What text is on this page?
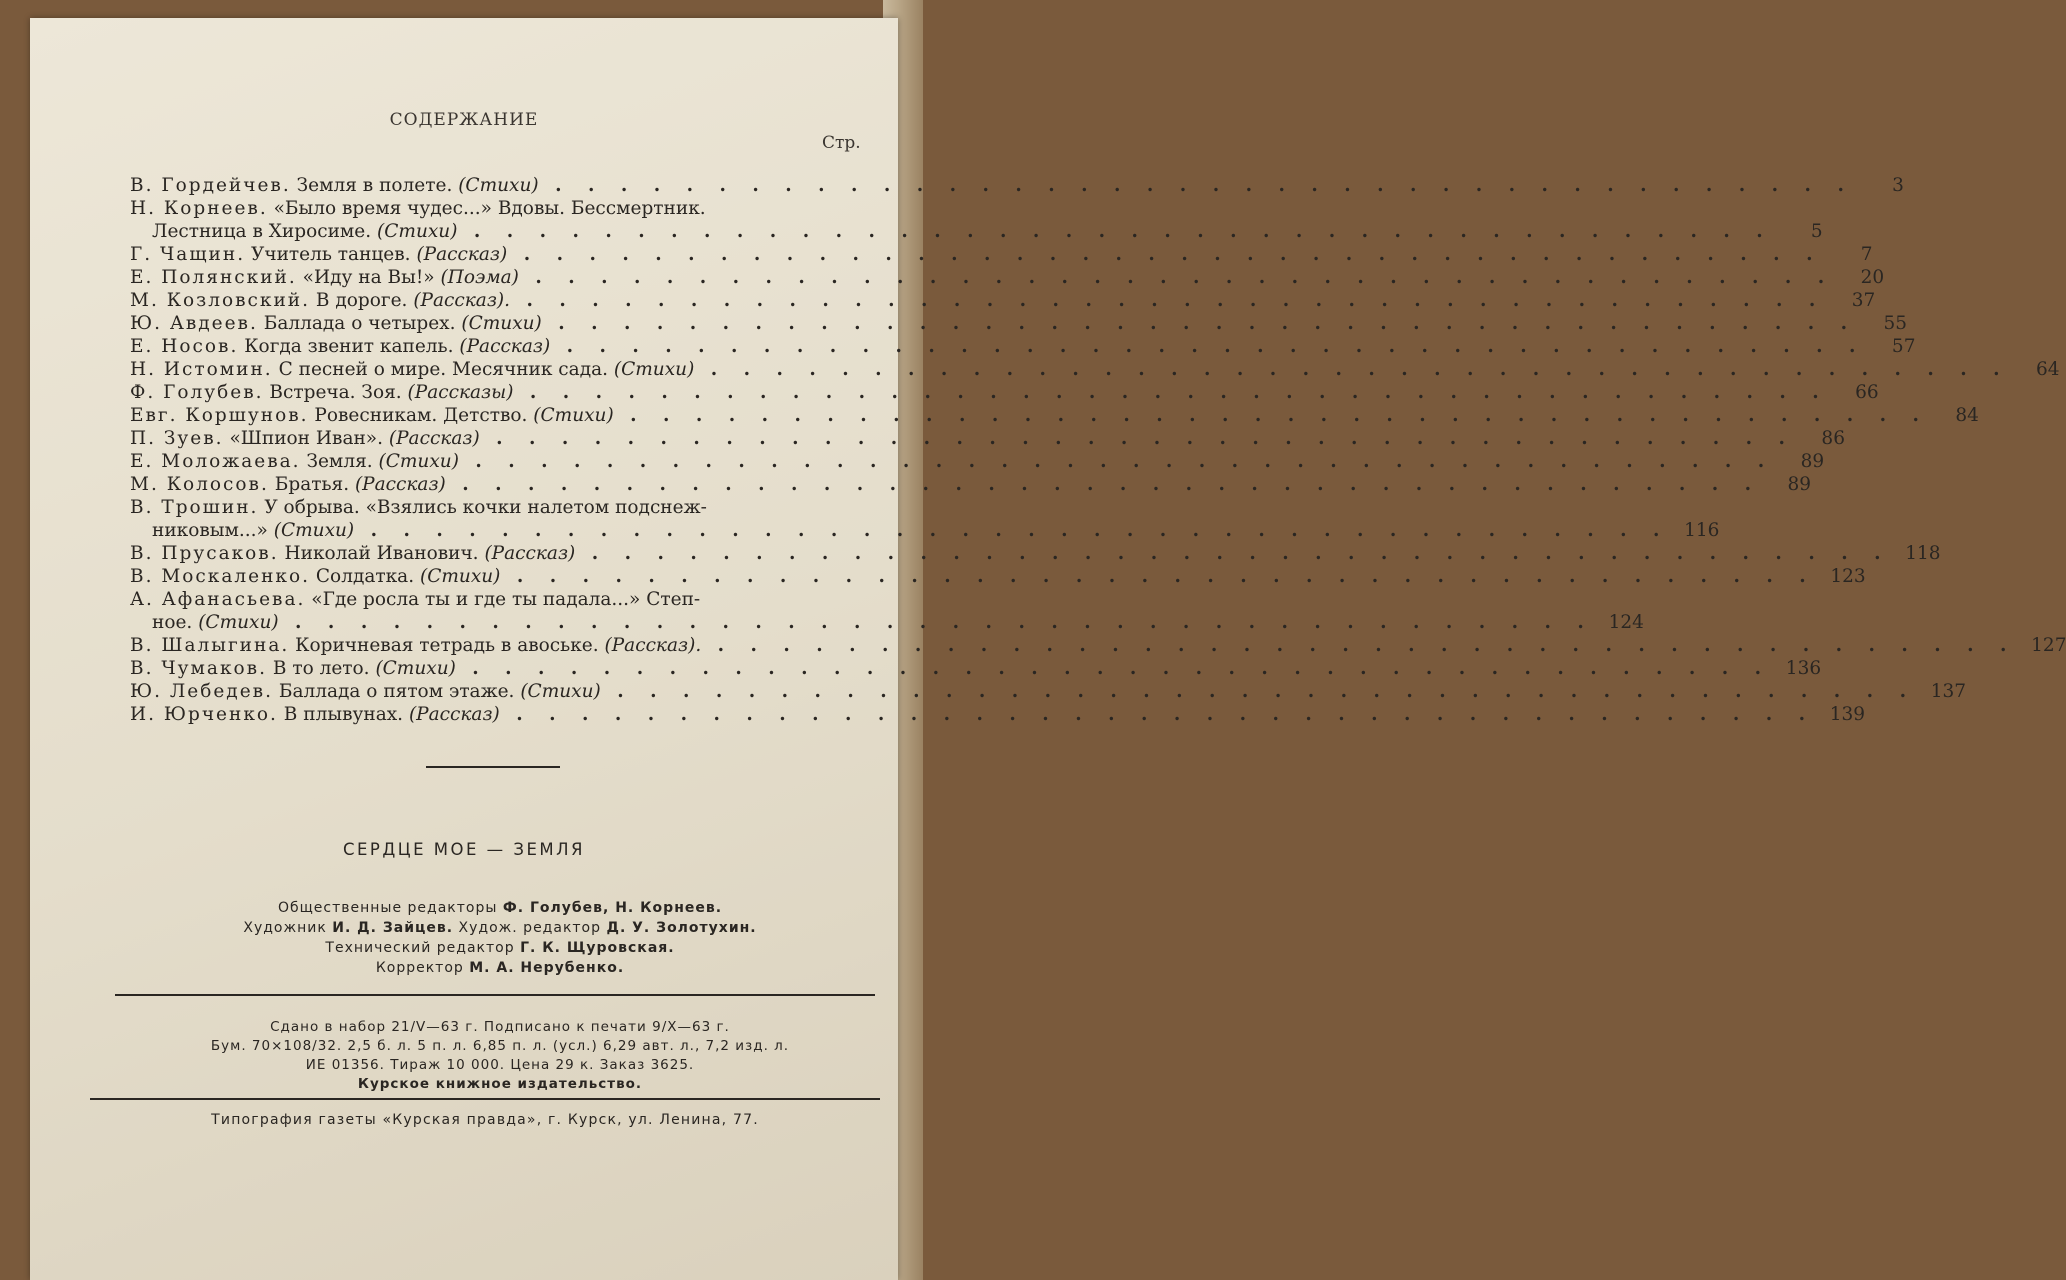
СОДЕРЖАНИЕ
Стр.
В. Гордейчев. Земля в полете. (Стихи) . . . . . . . . . . . . . . . . . . . . . . . . . . . . . . . . . . . . . . . .	3
Н. Корнеев. «Было время чудес...» Вдовы. Бессмертник.
Лестница в Хиросиме. (Стихи) . . . . . . . . . . . . . . . . . . . . . . . . . . . . . . . . . . . . . . . .	5
Г. Чащин. Учитель танцев. (Рассказ) . . . . . . . . . . . . . . . . . . . . . . . . . . . . . . . . . . . . . . . .	7
Е. Полянский. «Иду на Вы!» (Поэма) . . . . . . . . . . . . . . . . . . . . . . . . . . . . . . . . . . . . . . . .	20
М. Козловский. В дороге. (Рассказ). . . . . . . . . . . . . . . . . . . . . . . . . . . . . . . . . . . . . . . . .	37
Ю. Авдеев. Баллада о четырех. (Стихи) . . . . . . . . . . . . . . . . . . . . . . . . . . . . . . . . . . . . . . . .	55
Е. Носов. Когда звенит капель. (Рассказ) . . . . . . . . . . . . . . . . . . . . . . . . . . . . . . . . . . . . . . . .	57
Н. Истомин. С песней о мире. Месячник сада. (Стихи) . . . . . . . . . . . . . . . . . . . . . . . . . . . . . . . . . . . . . . . .	64
Ф. Голубев. Встреча. Зоя. (Рассказы) . . . . . . . . . . . . . . . . . . . . . . . . . . . . . . . . . . . . . . . .	66
Евг. Коршунов. Ровесникам. Детство. (Стихи) . . . . . . . . . . . . . . . . . . . . . . . . . . . . . . . . . . . . . . . .	84
П. Зуев. «Шпион Иван». (Рассказ) . . . . . . . . . . . . . . . . . . . . . . . . . . . . . . . . . . . . . . . .	86
Е. Моложаева. Земля. (Стихи) . . . . . . . . . . . . . . . . . . . . . . . . . . . . . . . . . . . . . . . .	89
М. Колосов. Братья. (Рассказ) . . . . . . . . . . . . . . . . . . . . . . . . . . . . . . . . . . . . . . . .	89
В. Трошин. У обрыва. «Взялись кочки налетом подснеж-
никовым...» (Стихи) . . . . . . . . . . . . . . . . . . . . . . . . . . . . . . . . . . . . . . . . 116
В. Прусаков. Николай Иванович. (Рассказ) . . . . . . . . . . . . . . . . . . . . . . . . . . . . . . . . . . . . . . . . 118
В. Москаленко. Солдатка. (Стихи) . . . . . . . . . . . . . . . . . . . . . . . . . . . . . . . . . . . . . . . . 123
А. Афанасьева. «Где росла ты и где ты падала...» Степ-
ное. (Стихи) . . . . . . . . . . . . . . . . . . . . . . . . . . . . . . . . . . . . . . . . 124
В. Шалыгина. Коричневая тетрадь в авоське. (Рассказ). . . . . . . . . . . . . . . . . . . . . . . . . . . . . . . . . . . . . . . . . 127
В. Чумаков. В то лето. (Стихи) . . . . . . . . . . . . . . . . . . . . . . . . . . . . . . . . . . . . . . . . 136
Ю. Лебедев. Баллада о пятом этаже. (Стихи) . . . . . . . . . . . . . . . . . . . . . . . . . . . . . . . . . . . . . . . . 137
И. Юрченко. В плывунах. (Рассказ) . . . . . . . . . . . . . . . . . . . . . . . . . . . . . . . . . . . . . . . . 139
СЕРДЦЕ МОЕ — ЗЕМЛЯ
Общественные редакторы Ф. Голубев, Н. Корнеев.
Художник И. Д. Зайцев. Худож. редактор Д. У. Золотухин.
Технический редактор Г. К. Щуровская.
Корректор М. А. Нерубенко.
Сдано в набор 21/V—63 г. Подписано к печати 9/X—63 г.
Бум. 70×108/32. 2,5 б. л. 5 п. л. 6,85 п. л. (усл.) 6,29 авт. л., 7,2 изд. л.
ИЕ 01356. Тираж 10 000. Цена 29 к. Заказ 3625.
Курское книжное издательство.
Типография газеты «Курская правда», г. Курск, ул. Ленина, 77.
